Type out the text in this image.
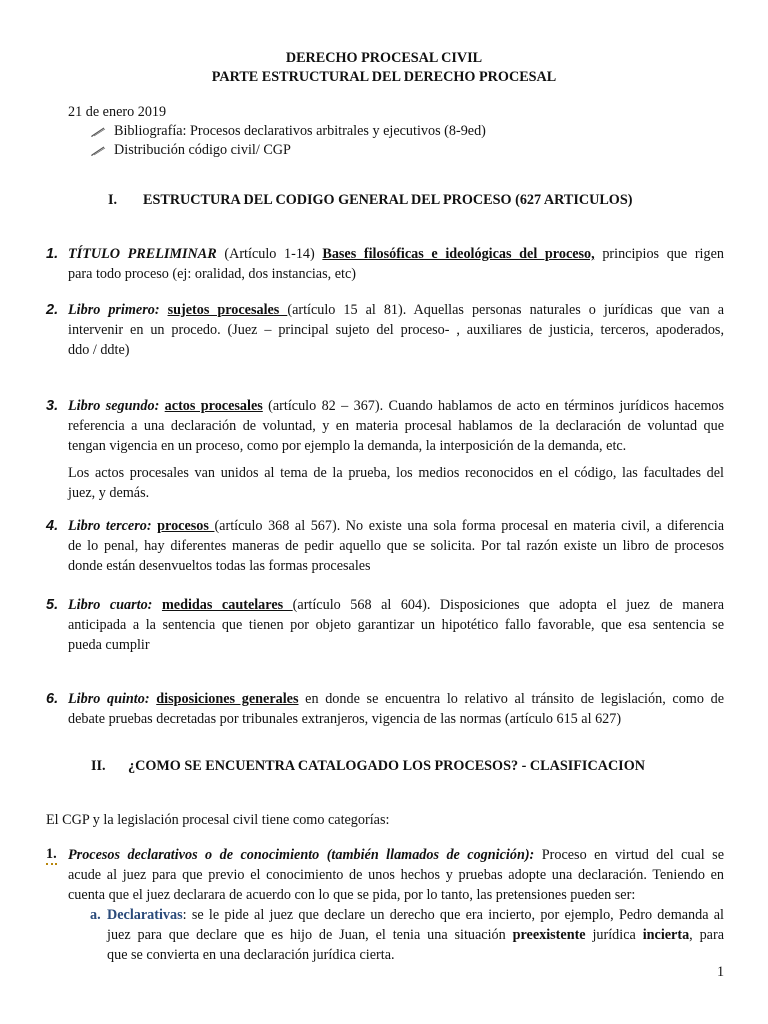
DERECHO PROCESAL CIVIL
PARTE ESTRUCTURAL DEL DERECHO PROCESAL
21 de enero 2019
Bibliografía: Procesos declarativos arbitrales y ejecutivos (8-9ed)
Distribución código civil/ CGP
I. ESTRUCTURA DEL CODIGO GENERAL DEL PROCESO (627 ARTICULOS)
1. TÍTULO PRELIMINAR (Artículo 1-14) Bases filosóficas e ideológicas del proceso, principios que rigen
para todo proceso (ej: oralidad, dos instancias, etc)
2. Libro primero: sujetos procesales (artículo 15 al 81). Aquellas personas naturales o jurídicas que van a
intervenir en un procedo. (Juez – principal sujeto del proceso- , auxiliares de justicia, terceros, apoderados,
ddo / ddte)
3. Libro segundo: actos procesales (artículo 82 – 367). Cuando hablamos de acto en términos jurídicos hacemos
referencia a una declaración de voluntad, y en materia procesal hablamos de la declaración de voluntad que
tengan vigencia en un proceso, como por ejemplo la demanda, la interposición de la demanda, etc.
Los actos procesales van unidos al tema de la prueba, los medios reconocidos en el código, las facultades del
juez, y demás.
4. Libro tercero: procesos (artículo 368 al 567). No existe una sola forma procesal en materia civil, a diferencia
de lo penal, hay diferentes maneras de pedir aquello que se solicita. Por tal razón existe un libro de procesos
donde están desenvueltos todas las formas procesales
5. Libro cuarto: medidas cautelares (artículo 568 al 604). Disposiciones que adopta el juez de manera
anticipada a la sentencia que tienen por objeto garantizar un hipotético fallo favorable, que esa sentencia se
pueda cumplir
6. Libro quinto: disposiciones generales en donde se encuentra lo relativo al tránsito de legislación, como de
debate pruebas decretadas por tribunales extranjeros, vigencia de las normas (artículo 615 al 627)
II. ¿COMO SE ENCUENTRA CATALOGADO LOS PROCESOS? - CLASIFICACION
El CGP y la legislación procesal civil tiene como categorías:
1. Procesos declarativos o de conocimiento (también llamados de cognición): Proceso en virtud del cual se
acude al juez para que previo el conocimiento de unos hechos y pruebas adopte una declaración. Teniendo en
cuenta que el juez declarara de acuerdo con lo que se pida, por lo tanto, las pretensiones pueden ser:
a. Declarativas: se le pide al juez que declare un derecho que era incierto, por ejemplo, Pedro demanda al
juez para que declare que es hijo de Juan, el tenia una situación preexistente jurídica incierta, para
que se convierta en una declaración jurídica cierta.
1
